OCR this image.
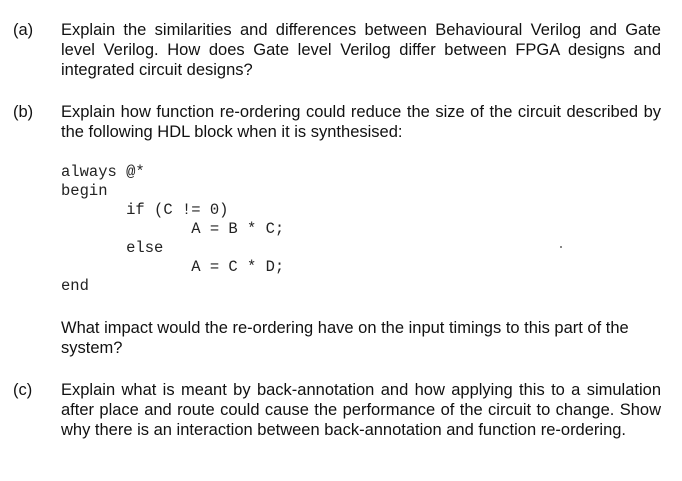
(a) Explain the similarities and differences between Behavioural Verilog and Gate level Verilog. How does Gate level Verilog differ between FPGA designs and integrated circuit designs?

(b) Explain how function re-ordering could reduce the size of the circuit described by the following HDL block when it is synthesised:

always @*
begin
if (C != 0)
A = B * C;
else
A = C * D;
end

What impact would the re-ordering have on the input timings to this part of the system?

(c) Explain what is meant by back-annotation and how applying this to a simulation after place and route could cause the performance of the circuit to change. Show why there is an interaction between back-annotation and function re-ordering.
